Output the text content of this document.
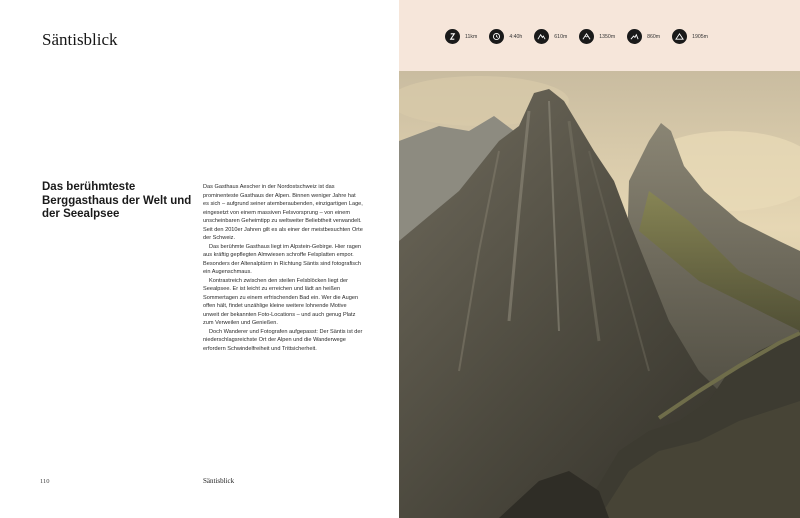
Säntisblick
Das berühmteste Berggasthaus der Welt und der Seealpsee

Das Gasthaus Aescher in der Nordostschweiz ist das prominenteste Gasthaus der Alpen. Binnen weniger Jahre hat es sich – aufgrund seiner atemberaubenden, einzigartigen Lage, eingesetzt von einem massiven Felsvorsprung – von einem unscheinbaren Geheimtipp zu weltweiter Beliebtheit verwandelt. Seit den 2010er Jahren gilt es als einer der meistbesuchten Orte der Schweiz.

Das berühmte Gasthaus liegt im Alpstein-Gebirge. Hier ragen aus kräftig gepflegten Almwiesen schroffe Felsplatten empor. Besonders der Altenalptürm in Richtung Säntis sind fotografisch ein Augenschmaus.

Kontrastreich zwischen den steilen Felsblöcken liegt der Seealpsee. Er ist leicht zu erreichen und lädt an heißen Sommertagen zu einem erfrischenden Bad ein. Wer die Augen offen hält, findet unzählige kleine weitere lohnende Motive unweit der bekannten Foto-Locations – und auch genug Platz zum Verweilen und Genießen.

Doch Wanderer und Fotografen aufgepasst: Der Säntis ist der niederschlagsreichste Ort der Alpen und die Wanderwege erfordern Schwindelfreiheit und Trittsicherheit.

110	Säntisblick
11km	4:40h	610m	1350m	860m	1905m
